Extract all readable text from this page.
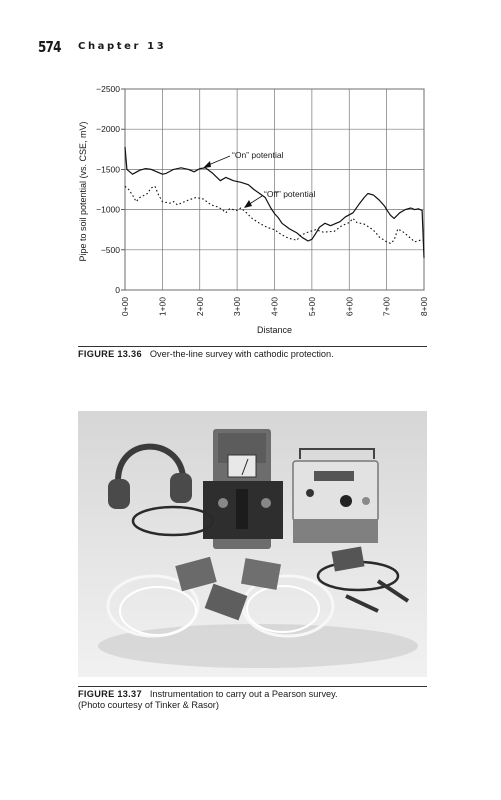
574 Chapter 13
0
−500
−1000
−1500
−2000
−2500
0+00	1+00	2+00	3+00	4+00	5+00	6+00	7+00	8+00
Distance
Pipe to soil potential (vs. CSE, mV)	“On” potential
“Off” potential
FIGURE 13.36 Over-the-line survey with cathodic protection.
FIGURE 13.37 Instrumentation to carry out a Pearson survey.
(Photo courtesy of Tinker & Rasor)
